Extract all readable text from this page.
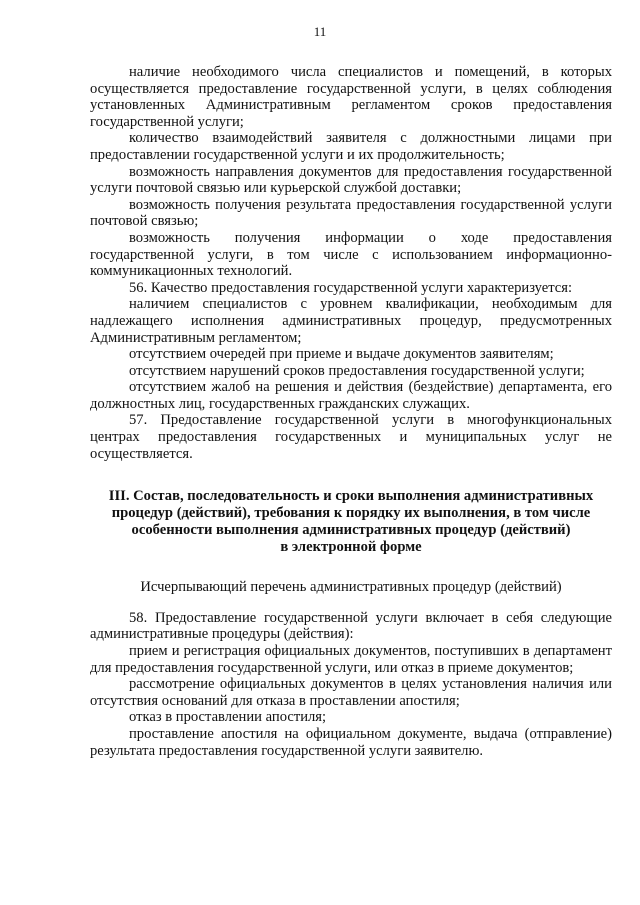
11

наличие необходимого числа специалистов и помещений, в которых осуществляется предоставление государственной услуги, в целях соблюдения установленных Административным регламентом сроков предоставления государственной услуги;

количество взаимодействий заявителя с должностными лицами при предоставлении государственной услуги и их продолжительность;

возможность направления документов для предоставления государственной услуги почтовой связью или курьерской службой доставки;

возможность получения результата предоставления государственной услуги почтовой связью;

возможность получения информации о ходе предоставления государственной услуги, в том числе с использованием информационно-коммуникационных технологий.

56. Качество предоставления государственной услуги характеризуется:

наличием специалистов с уровнем квалификации, необходимым для надлежащего исполнения административных процедур, предусмотренных Административным регламентом;

отсутствием очередей при приеме и выдаче документов заявителям;

отсутствием нарушений сроков предоставления государственной услуги;

отсутствием жалоб на решения и действия (бездействие) департамента, его должностных лиц, государственных гражданских служащих.

57. Предоставление государственной услуги в многофункциональных центрах предоставления государственных и муниципальных услуг не осуществляется.

III. Состав, последовательность и сроки выполнения административных
процедур (действий), требования к порядку их выполнения, в том числе
особенности выполнения административных процедур (действий)
в электронной форме
Исчерпывающий перечень административных процедур (действий)

58. Предоставление государственной услуги включает в себя следующие административные процедуры (действия):

прием и регистрация официальных документов, поступивших в департамент для предоставления государственной услуги, или отказ в приеме документов;

рассмотрение официальных документов в целях установления наличия или отсутствия оснований для отказа в проставлении апостиля;

отказ в проставлении апостиля;

проставление апостиля на официальном документе, выдача (отправление) результата предоставления государственной услуги заявителю.
